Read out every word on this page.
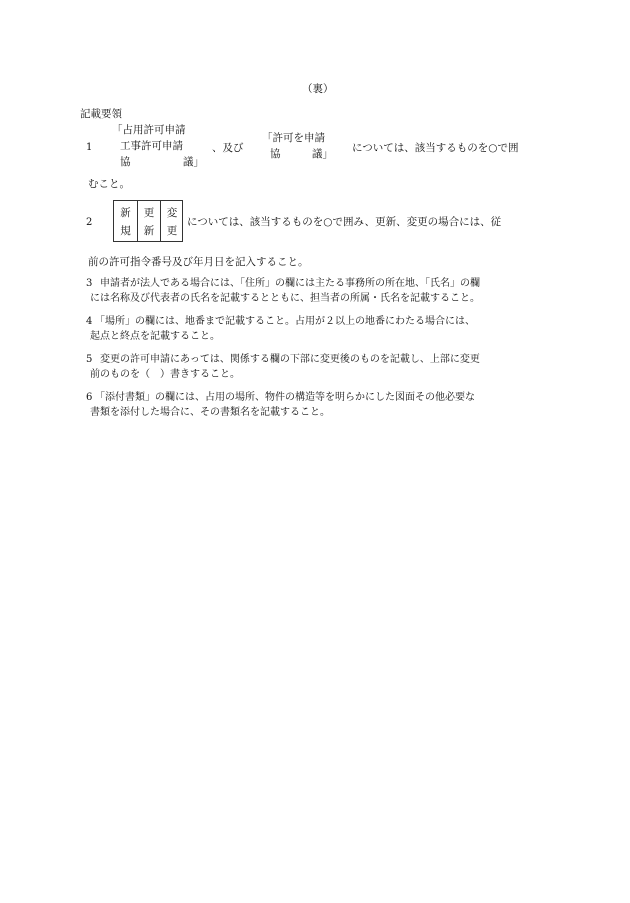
（裏）
記載要領
1
「占用許可申請
工事許可申請
協　　　　　議」
、及び
「許可を申請
協　　　議」 については、該当するものを○で囲
むこと。
2
新
規
更
新
変
更
については、該当するものを○で囲み、更新、変更の場合には、従
前の許可指令番号及び年月日を記入すること。
3 申請者が法人である場合には、「住所」の欄には主たる事務所の所在地、「氏名」の欄
には名称及び代表者の氏名を記載するとともに、担当者の所属・氏名を記載すること。
4 「場所」の欄には、地番まで記載すること。占用が２以上の地番にわたる場合には、
起点と終点を記載すること。
5 変更の許可申請にあっては、関係する欄の下部に変更後のものを記載し、上部に変更
前のものを（　）書きすること。
6 「添付書類」の欄には、占用の場所、物件の構造等を明らかにした図面その他必要な
書類を添付した場合に、その書類名を記載すること。
